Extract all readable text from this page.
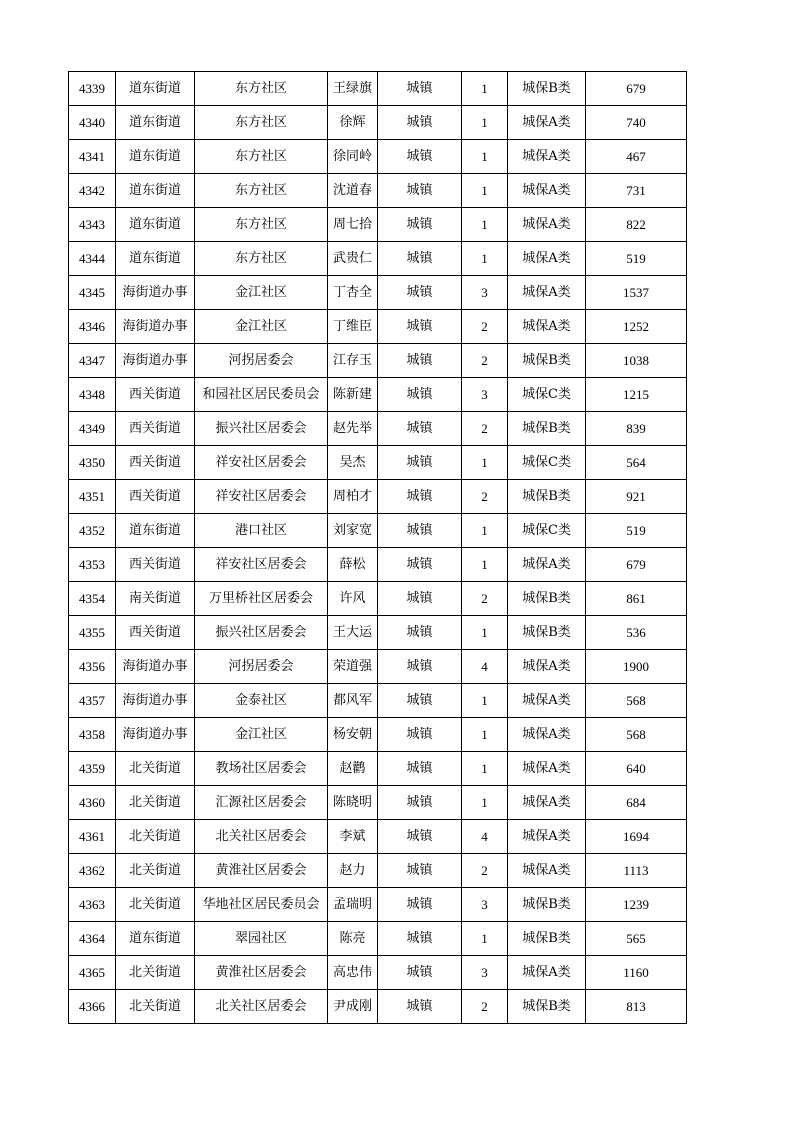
4339	道东街道	东方社区	王绿旗	城镇	1	城保B类	679
4340	道东街道	东方社区	徐辉	城镇	1	城保A类	740
4341	道东街道	东方社区	徐同岭	城镇	1	城保A类	467
4342	道东街道	东方社区	沈道春	城镇	1	城保A类	731
4343	道东街道	东方社区	周七拾	城镇	1	城保A类	822
4344	道东街道	东方社区	武贵仁	城镇	1	城保A类	519
4345	海街道办事	金江社区	丁杏全	城镇	3	城保A类	1537
4346	海街道办事	金江社区	丁维臣	城镇	2	城保A类	1252
4347	海街道办事	河拐居委会	江存玉	城镇	2	城保B类	1038
4348	西关街道	和园社区居民委员会	陈新建	城镇	3	城保C类	1215
4349	西关街道	振兴社区居委会	赵先举	城镇	2	城保B类	839
4350	西关街道	祥安社区居委会	吴杰	城镇	1	城保C类	564
4351	西关街道	祥安社区居委会	周柏才	城镇	2	城保B类	921
4352	道东街道	港口社区	刘家宽	城镇	1	城保C类	519
4353	西关街道	祥安社区居委会	薛松	城镇	1	城保A类	679
4354	南关街道	万里桥社区居委会	许风	城镇	2	城保B类	861
4355	西关街道	振兴社区居委会	王大运	城镇	1	城保B类	536
4356	海街道办事	河拐居委会	荣道强	城镇	4	城保A类	1900
4357	海街道办事	金泰社区	都风军	城镇	1	城保A类	568
4358	海街道办事	金江社区	杨安朝	城镇	1	城保A类	568
4359	北关街道	教场社区居委会	赵鹳	城镇	1	城保A类	640
4360	北关街道	汇源社区居委会	陈晓明	城镇	1	城保A类	684
4361	北关街道	北关社区居委会	李斌	城镇	4	城保A类	1694
4362	北关街道	黄淮社区居委会	赵力	城镇	2	城保A类	1113
4363	北关街道	华地社区居民委员会	孟瑞明	城镇	3	城保B类	1239
4364	道东街道	翠园社区	陈亮	城镇	1	城保B类	565
4365	北关街道	黄淮社区居委会	高忠伟	城镇	3	城保A类	1160
4366	北关街道	北关社区居委会	尹成刚	城镇	2	城保B类	813
